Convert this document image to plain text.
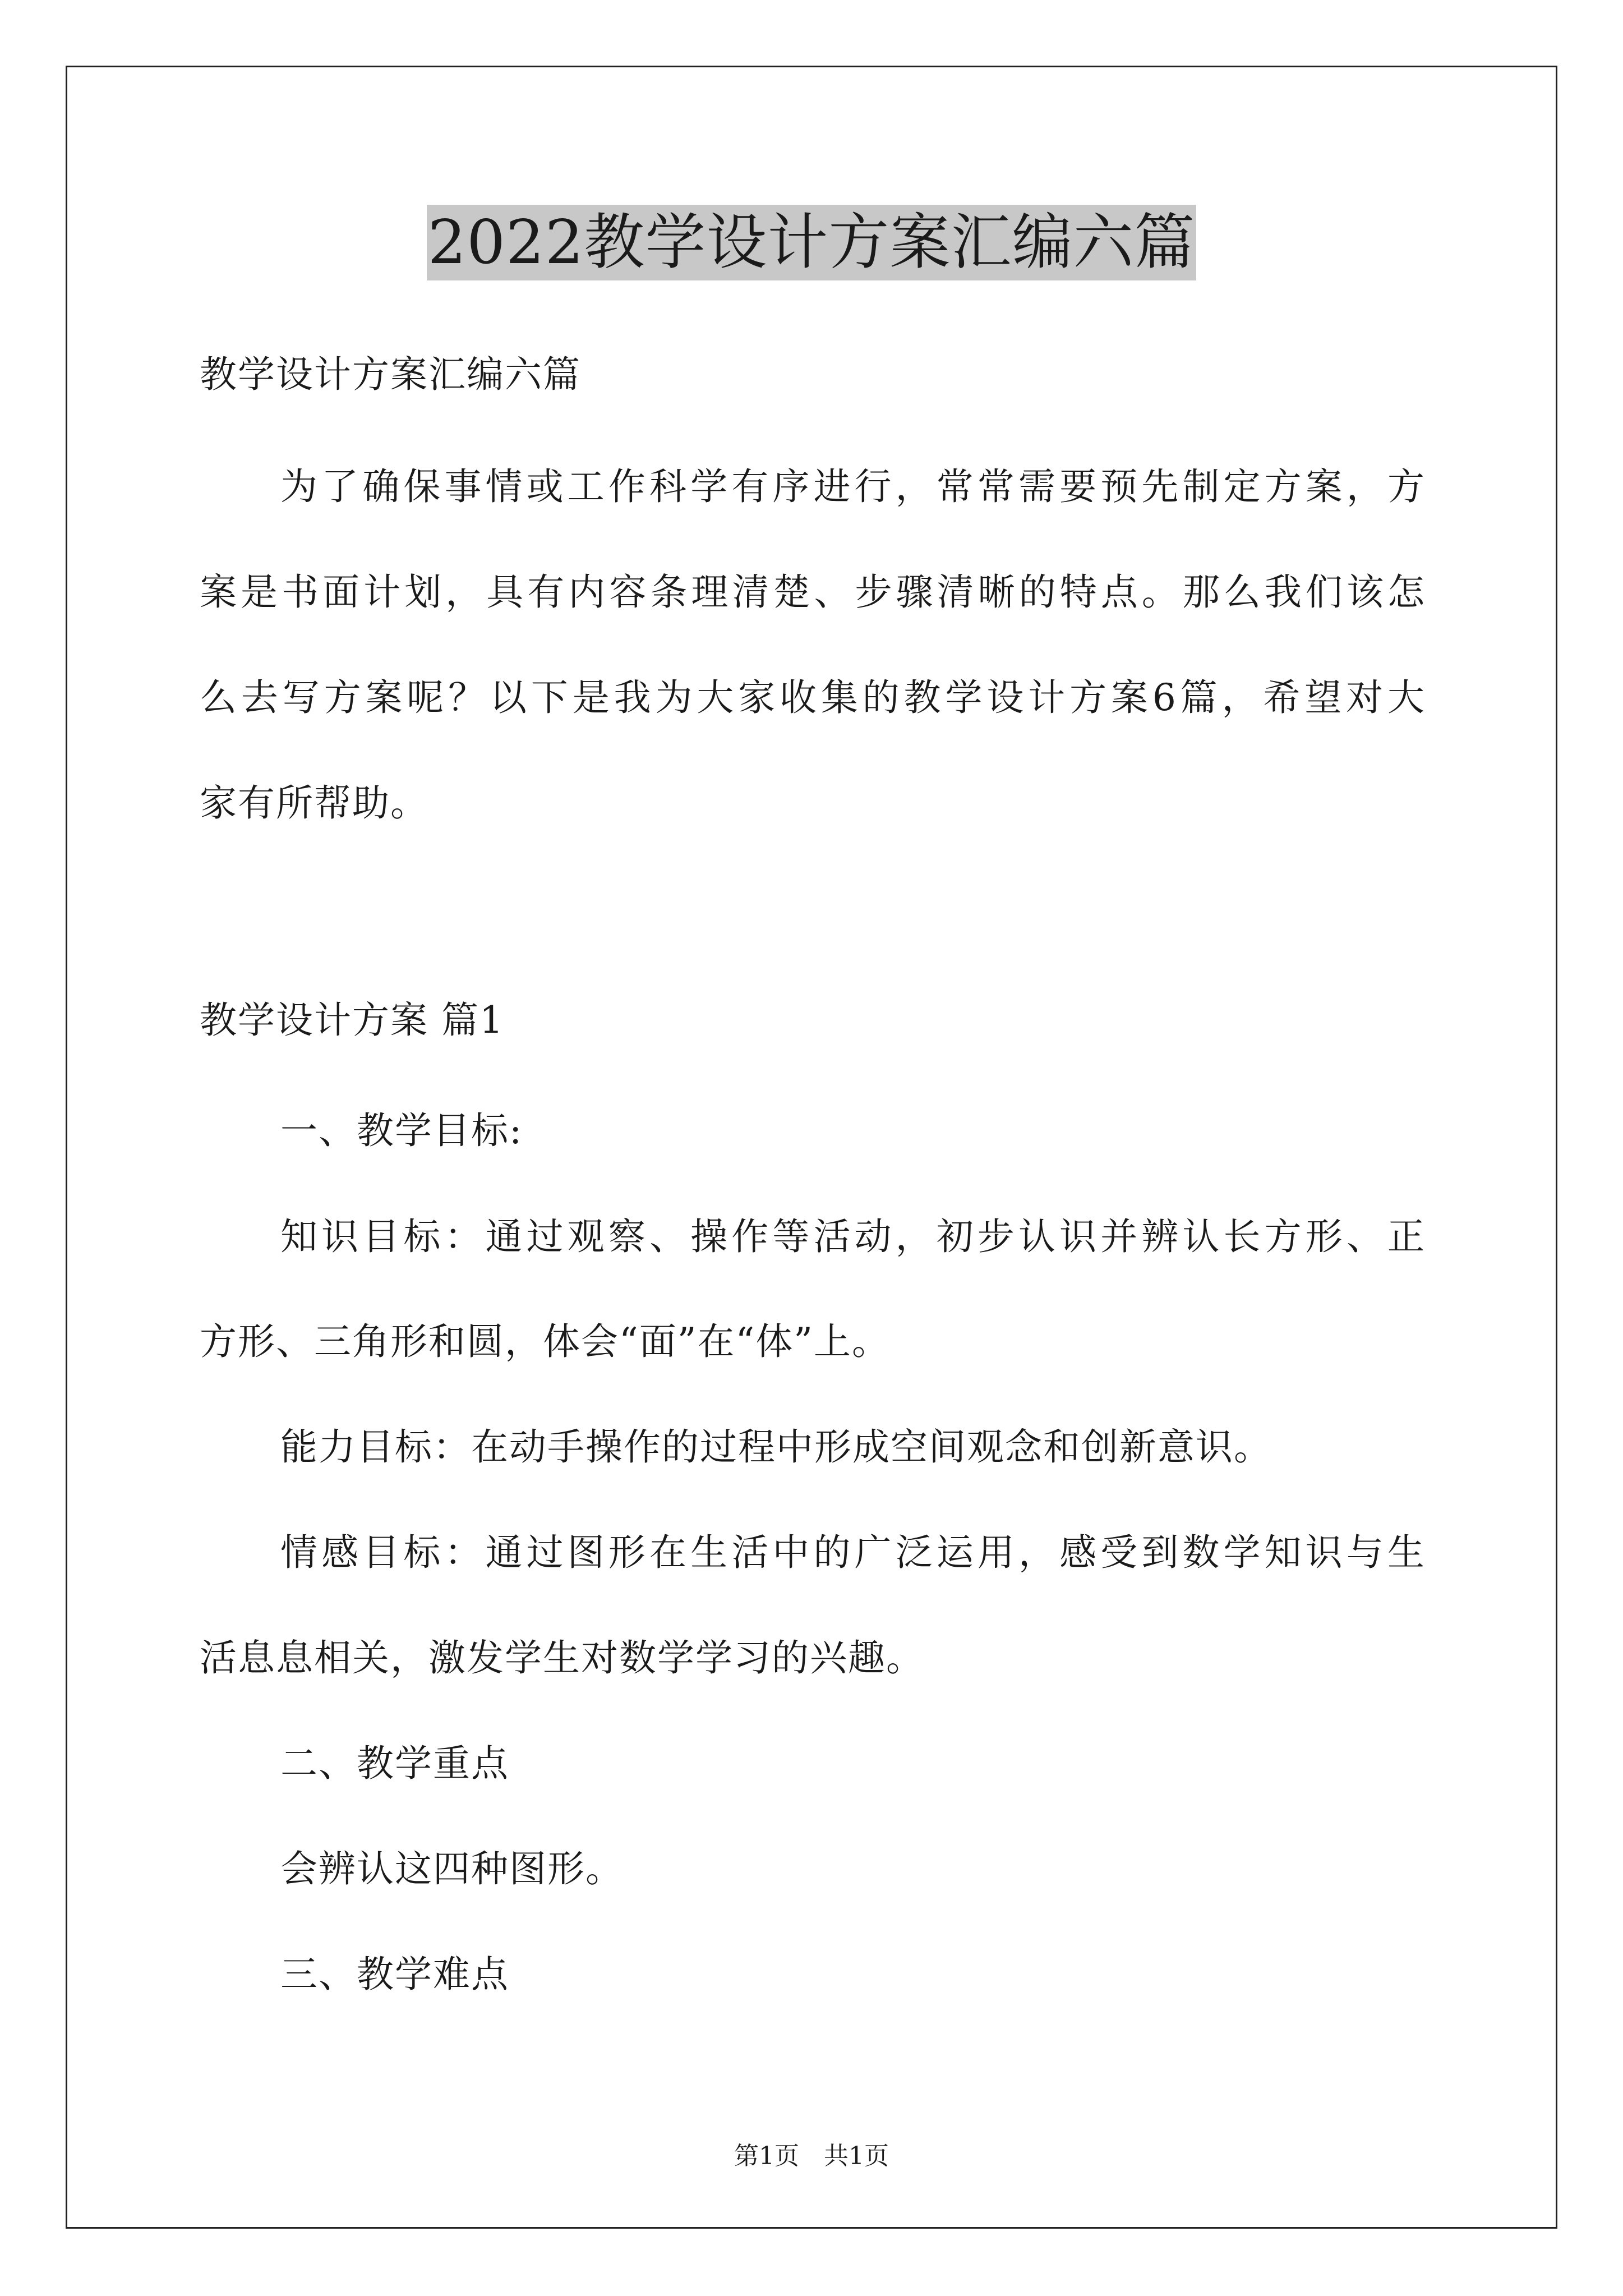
2022教学设计方案汇编六篇
教学设计方案汇编六篇
为了确保事情或工作科学有序进行，常常需要预先制定方案，方
案是书面计划，具有内容条理清楚、步骤清晰的特点。那么我们该怎
么去写方案呢？以下是我为大家收集的教学设计方案6篇，希望对大
家有所帮助。
教学设计方案 篇1
一、教学目标:
知识目标：通过观察、操作等活动，初步认识并辨认长方形、正
方形、三角形和圆，体会“面”在“体”上。
能力目标：在动手操作的过程中形成空间观念和创新意识。
情感目标：通过图形在生活中的广泛运用，感受到数学知识与生
活息息相关，激发学生对数学学习的兴趣。
二、教学重点
会辨认这四种图形。
三、教学难点
第1页　共1页
